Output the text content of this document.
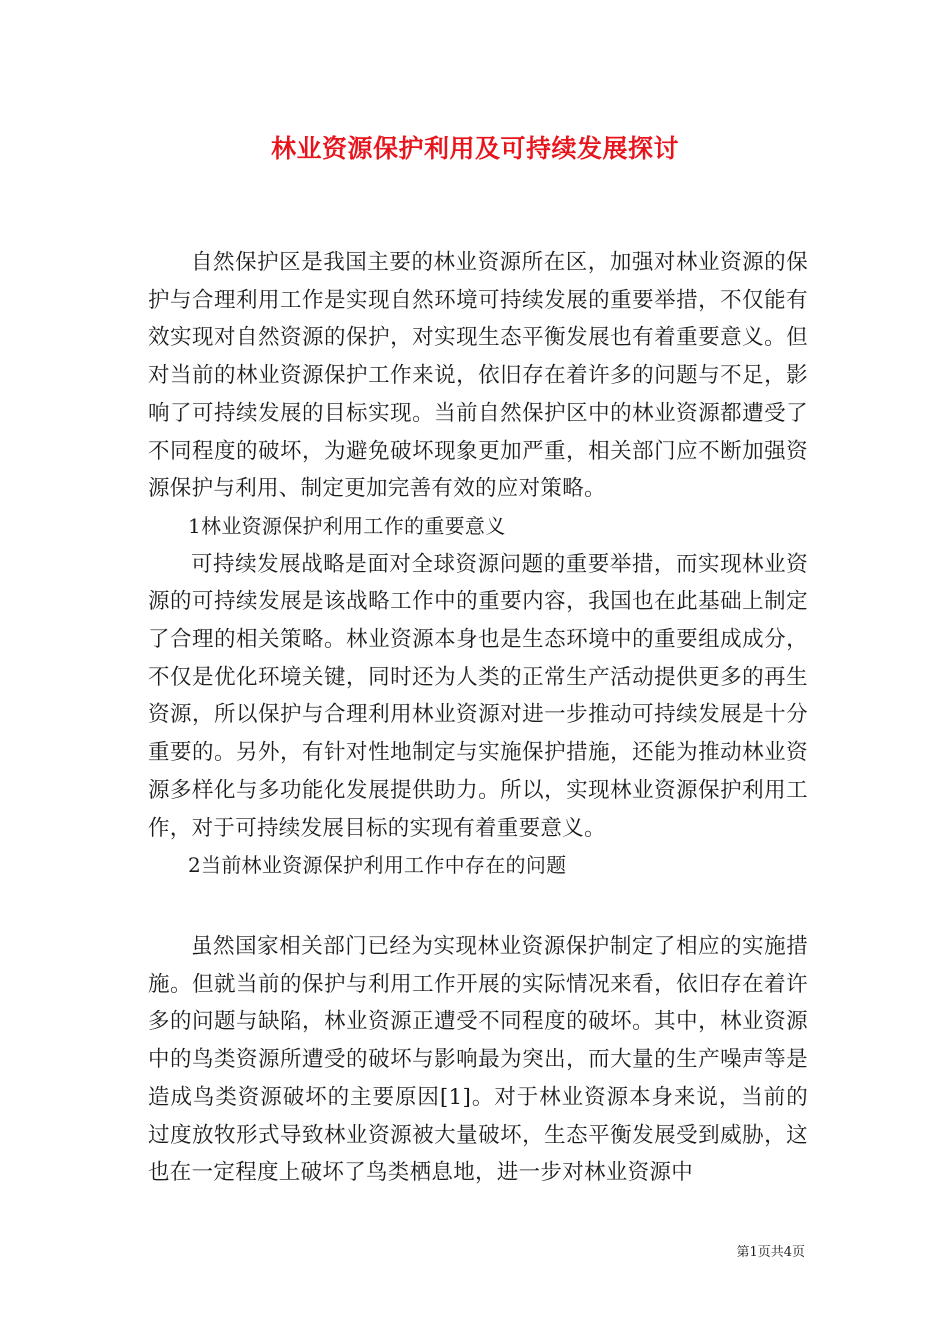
林业资源保护利用及可持续发展探讨

自然保护区是我国主要的林业资源所在区，加强对林业资源的保护与合理利用工作是实现自然环境可持续发展的重要举措，不仅能有效实现对自然资源的保护，对实现生态平衡发展也有着重要意义。但对当前的林业资源保护工作来说，依旧存在着许多的问题与不足，影响了可持续发展的目标实现。当前自然保护区中的林业资源都遭受了不同程度的破坏，为避免破坏现象更加严重，相关部门应不断加强资源保护与利用、制定更加完善有效的应对策略。

1林业资源保护利用工作的重要意义

可持续发展战略是面对全球资源问题的重要举措，而实现林业资源的可持续发展是该战略工作中的重要内容，我国也在此基础上制定了合理的相关策略。林业资源本身也是生态环境中的重要组成成分，不仅是优化环境关键，同时还为人类的正常生产活动提供更多的再生资源，所以保护与合理利用林业资源对进一步推动可持续发展是十分重要的。另外，有针对性地制定与实施保护措施，还能为推动林业资源多样化与多功能化发展提供助力。所以，实现林业资源保护利用工作，对于可持续发展目标的实现有着重要意义。

2当前林业资源保护利用工作中存在的问题

虽然国家相关部门已经为实现林业资源保护制定了相应的实施措施。但就当前的保护与利用工作开展的实际情况来看，依旧存在着许多的问题与缺陷，林业资源正遭受不同程度的破坏。其中，林业资源中的鸟类资源所遭受的破坏与影响最为突出，而大量的生产噪声等是造成鸟类资源破坏的主要原因[1]。对于林业资源本身来说，当前的过度放牧形式导致林业资源被大量破坏，生态平衡发展受到威胁，这也在一定程度上破坏了鸟类栖息地，进一步对林业资源中

第1页共4页
